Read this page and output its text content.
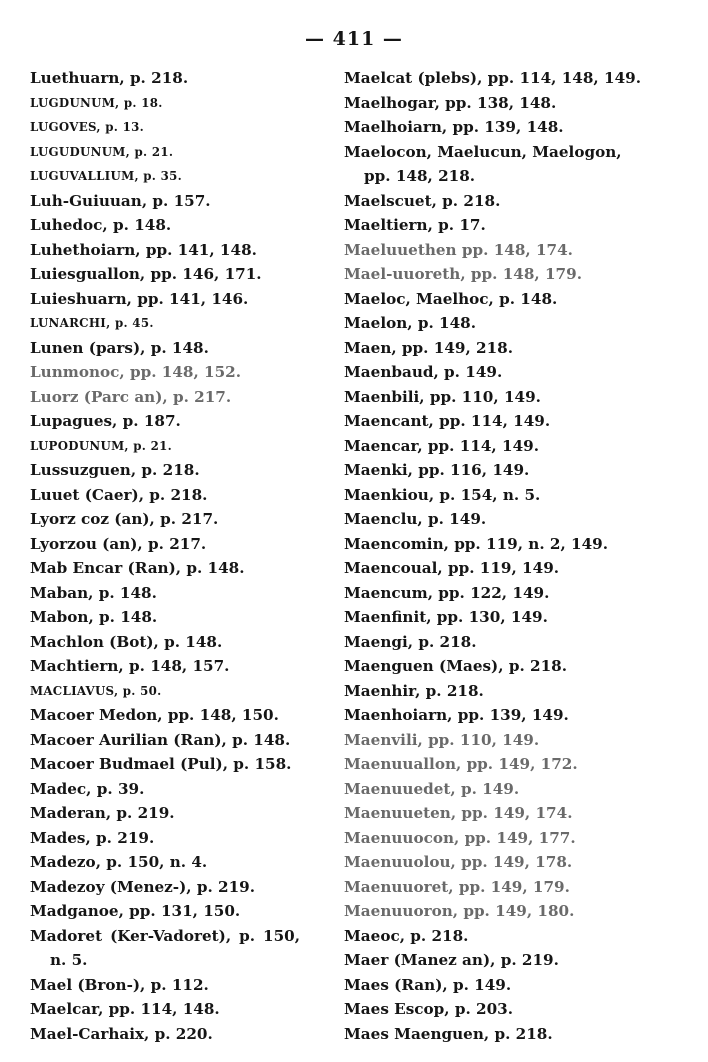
— 411 —
Luethuarn, p. 218.
LUGDUNUM, p. 18.
LUGOVES, p. 13.
LUGUDUNUM, p. 21.
LUGUVALLIUM, p. 35.
Luh-Guiuuan, p. 157.
Luhedoc, p. 148.
Luhethoiarn, pp. 141, 148.
Luiesguallon, pp. 146, 171.
Luieshuarn, pp. 141, 146.
LUNARCHI, p. 45.
Lunen (pars), p. 148.
Lunmonoc, pp. 148, 152.
Luorz (Parc an), p. 217.
Lupagues, p. 187.
LUPODUNUM, p. 21.
Lussuzguen, p. 218.
Luuet (Caer), p. 218.
Lyorz coz (an), p. 217.
Lyorzou (an), p. 217.
Mab Encar (Ran), p. 148.
Maban, p. 148.
Mabon, p. 148.
Machlon (Bot), p. 148.
Machtiern, p. 148, 157.
MACLIAVUS, p. 50.
Macoer Medon, pp. 148, 150.
Macoer Aurilian (Ran), p. 148.
Macoer Budmael (Pul), p. 158.
Madec, p. 39.
Maderan, p. 219.
Mades, p. 219.
Madezo, p. 150, n. 4.
Madezoy (Menez-), p. 219.
Madganoe, pp. 131, 150.
Madoret (Ker-Vadoret), p. 150,
n. 5.
Mael (Bron-), p. 112.
Maelcar, pp. 114, 148.
Mael-Carhaix, p. 220.
Maelcat (plebs), pp. 114, 148, 149.
Maelhogar, pp. 138, 148.
Maelhoiarn, pp. 139, 148.
Maelocon, Maelucun, Maelogon,
pp. 148, 218.
Maelscuet, p. 218.
Maeltiern, p. 17.
Maeluuethen pp. 148, 174.
Mael-uuoreth, pp. 148, 179.
Maeloc, Maelhoc, p. 148.
Maelon, p. 148.
Maen, pp. 149, 218.
Maenbaud, p. 149.
Maenbili, pp. 110, 149.
Maencant, pp. 114, 149.
Maencar, pp. 114, 149.
Maenki, pp. 116, 149.
Maenkiou, p. 154, n. 5.
Maenclu, p. 149.
Maencomin, pp. 119, n. 2, 149.
Maencoual, pp. 119, 149.
Maencum, pp. 122, 149.
Maenfinit, pp. 130, 149.
Maengi, p. 218.
Maenguen (Maes), p. 218.
Maenhir, p. 218.
Maenhoiarn, pp. 139, 149.
Maenvili, pp. 110, 149.
Maenuuallon, pp. 149, 172.
Maenuuedet, p. 149.
Maenuueten, pp. 149, 174.
Maenuuocon, pp. 149, 177.
Maenuuolou, pp. 149, 178.
Maenuuoret, pp. 149, 179.
Maenuuoron, pp. 149, 180.
Maeoc, p. 218.
Maer (Manez an), p. 219.
Maes (Ran), p. 149.
Maes Escop, p. 203.
Maes Maenguen, p. 218.
